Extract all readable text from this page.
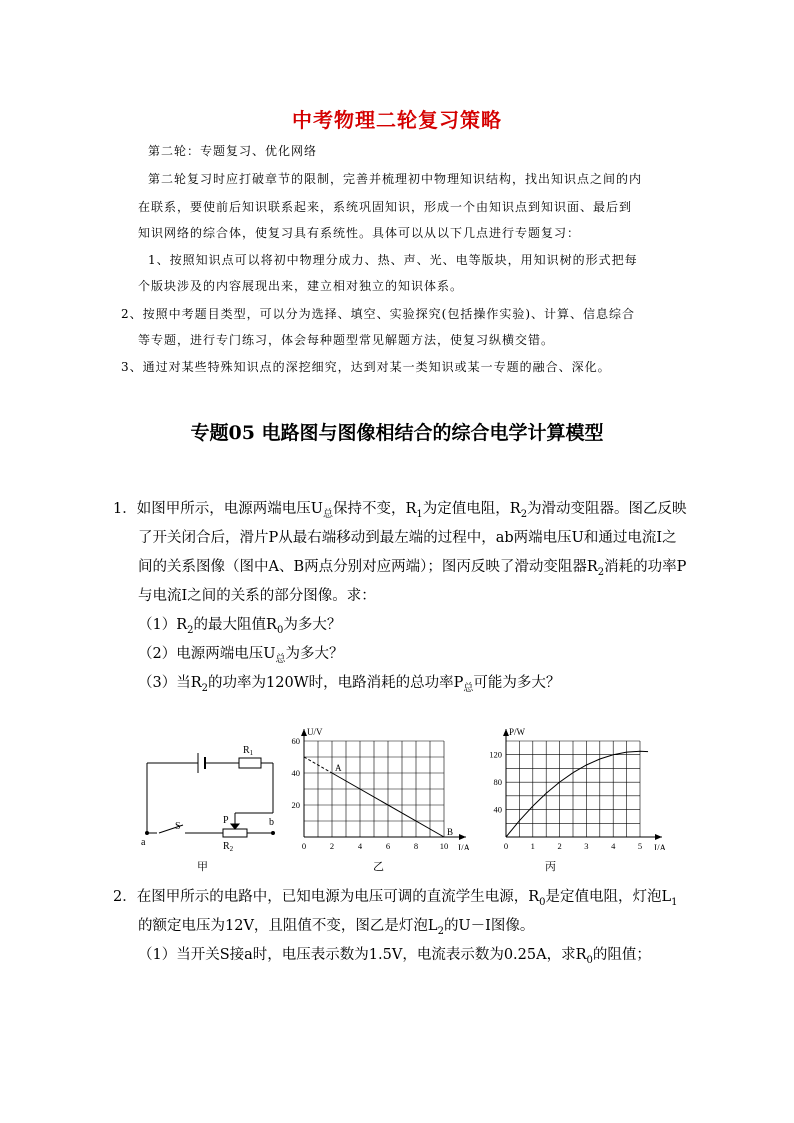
中考物理二轮复习策略
第二轮：专题复习、优化网络
第二轮复习时应打破章节的限制，完善并梳理初中物理知识结构，找出知识点之间的内
在联系，要使前后知识联系起来，系统巩固知识，形成一个由知识点到知识面、最后到
知识网络的综合体，使复习具有系统性。具体可以从以下几点进行专题复习：
1、按照知识点可以将初中物理分成力、热、声、光、电等版块，用知识树的形式把每
个版块涉及的内容展现出来，建立相对独立的知识体系。
2、按照中考题目类型，可以分为选择、填空、实验探究(包括操作实验)、计算、信息综合
等专题，进行专门练习，体会每种题型常见解题方法，使复习纵横交错。
3、通过对某些特殊知识点的深挖细究，达到对某一类知识或某一专题的融合、深化。
专题05 电路图与图像相结合的综合电学计算模型
1．如图甲所示，电源两端电压$U_总$保持不变，$R_1$为定值电阻，$R_2$为滑动变阻器。图乙反映
了开关闭合后，滑片P从最右端移动到最左端的过程中，ab两端电压U和通过电流I之
间的关系图像（图中A、B两点分别对应两端）；图丙反映了滑动变阻器$R_2$消耗的功率P
与电流I之间的关系的部分图像。求：
$(1)R_2$的最大阻值$R_0$为多大？
（2）电源两端电压$U_总$为多大？
（3）当$R_2$的功率为120W时，电路消耗的总功率$P_总$可能为多大？
$R_1$
S
P
$R_2$
a
b
甲
U/V
I/A
0	2	4	6	8	10
20
40
60
A
B
乙
P/W
I/A
0	1	2	3	4	5
40
80
120
丙
2．在图甲所示的电路中，已知电源为电压可调的直流学生电源，$R_0$是定值电阻，灯泡$L_1$
的额定电压为12V，且阻值不变，图乙是灯泡$L_2$的U－I图像。
（1）当开关S接a时，电压表示数为1.5V，电流表示数为0.25A，求$R_0$的阻值；
